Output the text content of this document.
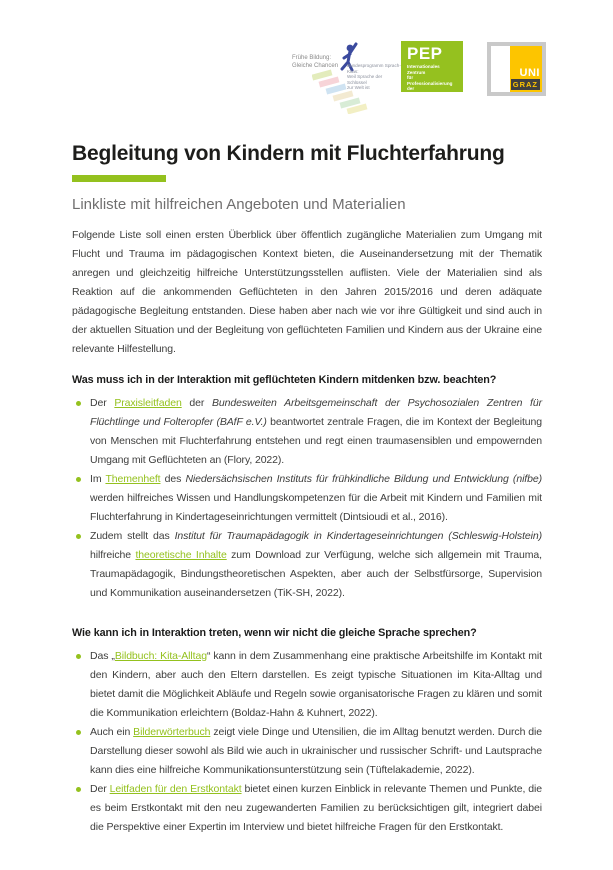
Frühe Bildung:
Gleiche Chancen Bundesprogramm Sprach-Kitas:
Weil Sprache der Schlüssel
zur Welt ist
PEP
Internationales Zentrum
für Professionalisierung
der Elementarpädagogik
UNI
GRAZ
Begleitung von Kindern mit Fluchterfahrung
Linkliste mit hilfreichen Angeboten und Materialien

Folgende Liste soll einen ersten Überblick über öffentlich zugängliche Materialien zum Umgang mit Flucht und Trauma im pädagogischen Kontext bieten, die Auseinandersetzung mit der Thematik anregen und gleichzeitig hilfreiche Unterstützungsstellen auflisten. Viele der Materialien sind als Reaktion auf die ankommenden Geflüchteten in den Jahren 2015/2016 und deren adäquate pädagogische Begleitung entstanden. Diese haben aber nach wie vor ihre Gültigkeit und sind auch in der aktuellen Situation und der Begleitung von geflüchteten Familien und Kindern aus der Ukraine eine relevante Hilfestellung.

Was muss ich in der Interaktion mit geflüchteten Kindern mitdenken bzw. beachten?
Der Praxisleitfaden der Bundesweiten Arbeitsgemeinschaft der Psychosozialen Zentren für Flüchtlinge und Folteropfer (BAfF e.V.) beantwortet zentrale Fragen, die im Kontext der Begleitung von Menschen mit Fluchterfahrung entstehen und regt einen traumasensiblen und empowernden Umgang mit Geflüchteten an (Flory, 2022).
Im Themenheft des Niedersächsischen Instituts für frühkindliche Bildung und Entwicklung (nifbe) werden hilfreiches Wissen und Handlungskompetenzen für die Arbeit mit Kindern und Familien mit Fluchterfahrung in Kindertageseinrichtungen vermittelt (Dintsioudi et al., 2016).
Zudem stellt das Institut für Traumapädagogik in Kindertageseinrichtungen (Schleswig-Holstein) hilfreiche theoretische Inhalte zum Download zur Verfügung, welche sich allgemein mit Trauma, Traumapädagogik, Bindungstheoretischen Aspekten, aber auch der Selbstfürsorge, Supervision und Kommunikation auseinandersetzen (TiK-SH, 2022).
Wie kann ich in Interaktion treten, wenn wir nicht die gleiche Sprache sprechen?
Das „Bildbuch: Kita-Alltag“ kann in dem Zusammenhang eine praktische Arbeitshilfe im Kontakt mit den Kindern, aber auch den Eltern darstellen. Es zeigt typische Situationen im Kita-Alltag und bietet damit die Möglichkeit Abläufe und Regeln sowie organisatorische Fragen zu klären und somit die Kommunikation erleichtern (Boldaz-Hahn & Kuhnert, 2022).
Auch ein Bilderwörterbuch zeigt viele Dinge und Utensilien, die im Alltag benutzt werden. Durch die Darstellung dieser sowohl als Bild wie auch in ukrainischer und russischer Schrift- und Lautsprache kann dies eine hilfreiche Kommunikationsunterstützung sein (Tüftelakademie, 2022).
Der Leitfaden für den Erstkontakt bietet einen kurzen Einblick in relevante Themen und Punkte, die es beim Erstkontakt mit den neu zugewanderten Familien zu berücksichtigen gilt, integriert dabei die Perspektive einer Expertin im Interview und bietet hilfreiche Fragen für den Erstkontakt.
